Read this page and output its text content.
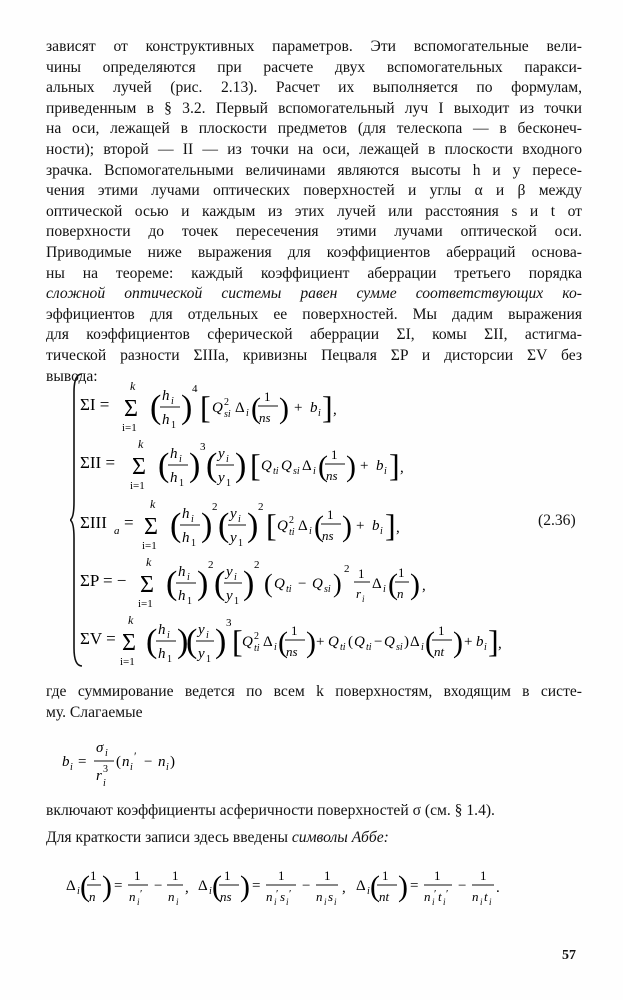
зависят от конструктивных параметров. Эти вспомогательные вели-
чины определяются при расчете двух вспомогательных паракси-
альных лучей (рис. 2.13). Расчет их выполняется по формулам,
приведенным в § 3.2. Первый вспомогательный луч I выходит из точки
на оси, лежащей в плоскости предметов (для телескопа — в бесконеч-
ности); второй — II — из точки на оси, лежащей в плоскости входного
зрачка. Вспомогательными величинами являются высоты h и y пересе-
чения этими лучами оптических поверхностей и углы α и β между
оптической осью и каждым из этих лучей или расстояния s и t от
поверхности до точек пересечения этими лучами оптической оси.
Приводимые ниже выражения для коэффициентов аберраций основа-
ны на теореме: каждый коэффициент аберрации третьего порядка
сложной оптической системы равен сумме соответствующих ко-
эффициентов для отдельных ее поверхностей. Мы дадим выражения
для коэффициентов сферической аберрации ΣI, комы ΣII, астигма-
тической разности ΣIIIa, кривизны Пецваля ΣP и дисторсии ΣV без
вывода:
ΣI =
k
Σ
i=1
( h i
h 1 ) 4 [ Q 2
si Δ i ( 1
ns ) + b i ] ,
ΣII =
k
Σ
i=1
( h i
h 1 ) 3 ( y i
y 1 ) [ Q ti Q si Δ i ( 1
ns ) + b i ] ,
ΣIII a =
k
Σ
i=1
( h i
h 1 ) 2 ( y i
y 1 ) 2 [ Q 2
ti Δ i ( 1
ns ) + b i ] ,
ΣP = −
k
Σ
i=1
( h i
h 1 ) 2 ( y i
y 1 ) 2
( Q ti − Q si ) 2 1
r i
Δ i ( 1
n ) ,
ΣV =
k
Σ
i=1
( h i
h 1 )
( y i
y 1 ) 3 [ Q 2
ti Δ i ( 1
ns ) + Q ti ( Q ti − Q si ) Δ i ( 1
nt ) + b i ] ,
(2.36)
где суммирование ведется по всем k поверхностям, входящим в систе-
му. Слагаемые
b i =
σ i
r 3
i
( n i
′ − n i )
включают коэффициенты асферичности поверхностей σ (см. § 1.4).
Для краткости записи здесь введены символы Аббе:
Δ i ( 1
n ) =
1
n i
′ −
1
n i
, Δ i ( 1
ns ) =
1
n i
′ s i
′ −
1
n i s i
, Δ i ( 1
nt ) =
1
n i
′ t i
′ −
1
n i t i
.
57
